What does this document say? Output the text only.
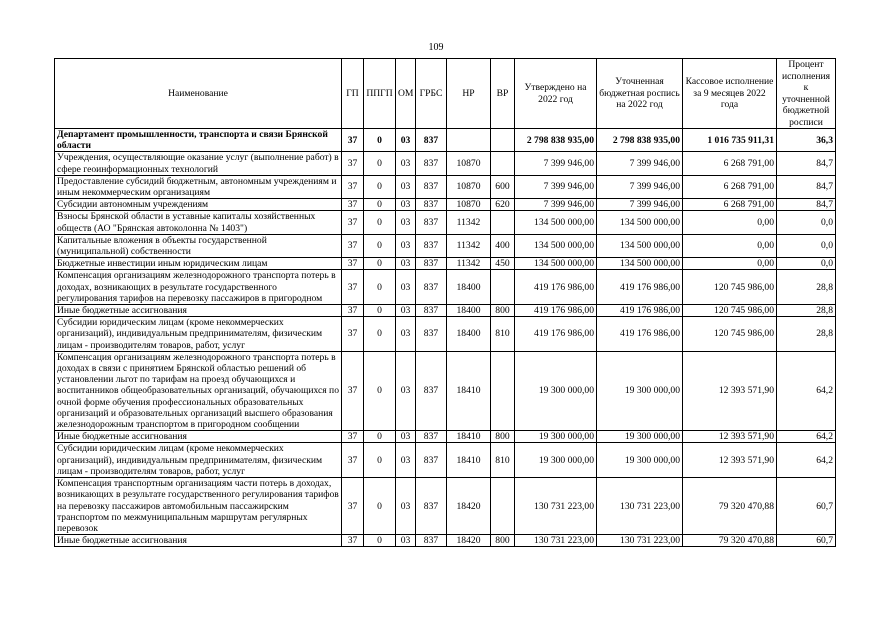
109
Наименование	ГП	ППГП	ОМ	ГРБС	НР	ВР	Утверждено на 2022 год	Уточненная бюджетная роспись на 2022 год	Кассовое исполнение за 9 месяцев 2022 года	Процент исполнения к уточненной бюджетной росписи
Департамент промышленности, транспорта и связи Брянской области	37	0	03	837			2 798 838 935,00	2 798 838 935,00	1 016 735 911,31	36,3
Учреждения, осуществляющие оказание услуг (выполнение работ) в сфере геоинформационных технологий	37	0	03	837	10870		7 399 946,00	7 399 946,00	6 268 791,00	84,7
Предоставление субсидий бюджетным, автономным учреждениям и иным некоммерческим организациям	37	0	03	837	10870	600	7 399 946,00	7 399 946,00	6 268 791,00	84,7
Субсидии автономным учреждениям	37	0	03	837	10870	620	7 399 946,00	7 399 946,00	6 268 791,00	84,7
Взносы Брянской области в уставные капиталы хозяйственных обществ (АО "Брянская автоколонна № 1403")	37	0	03	837	11342		134 500 000,00	134 500 000,00	0,00	0,0
Капитальные вложения в объекты государственной (муниципальной) собственности	37	0	03	837	11342	400	134 500 000,00	134 500 000,00	0,00	0,0
Бюджетные инвестиции иным юридическим лицам	37	0	03	837	11342	450	134 500 000,00	134 500 000,00	0,00	0,0
Компенсация организациям железнодорожного транспорта потерь в доходах, возникающих в результате государственного регулирования тарифов на перевозку пассажиров в пригородном	37	0	03	837	18400		419 176 986,00	419 176 986,00	120 745 986,00	28,8
Иные бюджетные ассигнования	37	0	03	837	18400	800	419 176 986,00	419 176 986,00	120 745 986,00	28,8
Субсидии юридическим лицам (кроме некоммерческих организаций), индивидуальным предпринимателям, физическим лицам - производителям товаров, работ, услуг	37	0	03	837	18400	810	419 176 986,00	419 176 986,00	120 745 986,00	28,8
Компенсация организациям железнодорожного транспорта потерь в доходах в связи с принятием Брянской областью решений об установлении льгот по тарифам на проезд обучающихся и воспитанников общеобразовательных организаций, обучающихся по очной форме обучения профессиональных образовательных организаций и образовательных организаций высшего образования железнодорожным транспортом в пригородном сообщении	37	0	03	837	18410		19 300 000,00	19 300 000,00	12 393 571,90	64,2
Иные бюджетные ассигнования	37	0	03	837	18410	800	19 300 000,00	19 300 000,00	12 393 571,90	64,2
Субсидии юридическим лицам (кроме некоммерческих организаций), индивидуальным предпринимателям, физическим лицам - производителям товаров, работ, услуг	37	0	03	837	18410	810	19 300 000,00	19 300 000,00	12 393 571,90	64,2
Компенсация транспортным организациям части потерь в доходах, возникающих в результате государственного регулирования тарифов на перевозку пассажиров автомобильным пассажирским транспортом по межмуниципальным маршрутам регулярных перевозок	37	0	03	837	18420		130 731 223,00	130 731 223,00	79 320 470,88	60,7
Иные бюджетные ассигнования	37	0	03	837	18420	800	130 731 223,00	130 731 223,00	79 320 470,88	60,7
